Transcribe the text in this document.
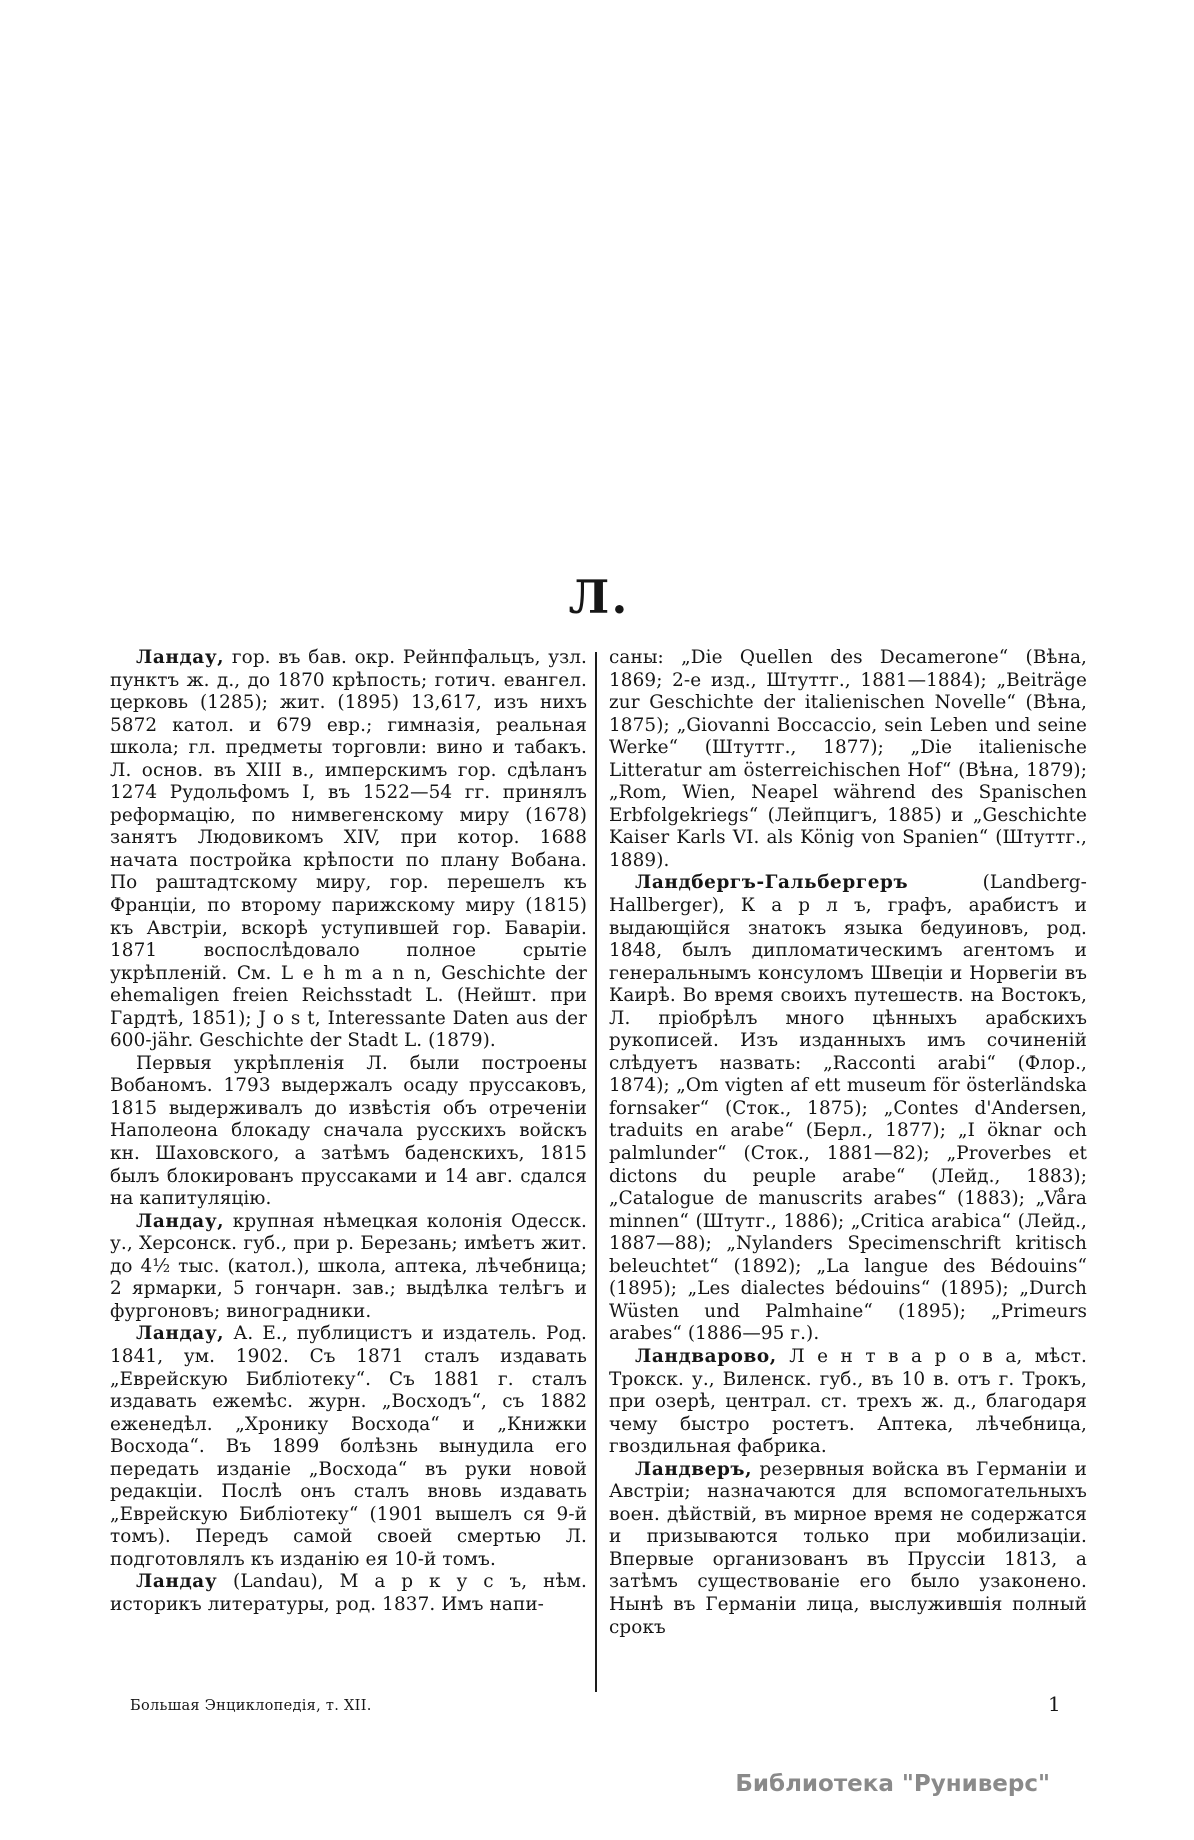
Л.

Ландау, гор. въ бав. окр. Рейнпфальцъ, узл. пунктъ ж. д., до 1870 крѣпость; готич. евангел. церковь (1285); жит. (1895) 13,617, изъ нихъ 5872 катол. и 679 евр.; гимназія, реальная школа; гл. предметы торговли: вино и табакъ. Л. основ. въ XIII в., имперскимъ гор. сдѣланъ 1274 Рудольфомъ I, въ 1522—54 гг. принялъ реформацію, по нимвегенскому миру (1678) занятъ Людовикомъ XIV, при котор. 1688 начата постройка крѣпости по плану Вобана. По раштадтскому миру, гор. перешелъ къ Франціи, по второму парижскому миру (1815) къ Австріи, вскорѣ уступившей гор. Баваріи. 1871 воспослѣдовало полное срытіе укрѣпленій. См. L e h m a n n, Geschichte der ehemaligen freien Reichsstadt L. (Нейшт. при Гардтѣ, 1851); J o s t, Interessante Daten aus der 600-jähr. Geschichte der Stadt L. (1879).

Первыя укрѣпленія Л. были построены Вобаномъ. 1793 выдержалъ осаду пруссаковъ, 1815 выдерживалъ до извѣстія объ отреченіи Наполеона блокаду сначала русскихъ войскъ кн. Шаховского, а затѣмъ баденскихъ, 1815 былъ блокированъ пруссаками и 14 авг. сдался на капитуляцію.

Ландау, крупная нѣмецкая колонія Одесск. у., Херсонск. губ., при р. Березань; имѣетъ жит. до 4½ тыс. (катол.), школа, аптека, лѣчебница; 2 ярмарки, 5 гончарн. зав.; выдѣлка телѣгъ и фургоновъ; виноградники.

Ландау, А. Е., публицистъ и издатель. Род. 1841, ум. 1902. Съ 1871 сталъ издавать „Еврейскую Библіотеку“. Съ 1881 г. сталъ издавать ежемѣс. журн. „Восходъ“, съ 1882 еженедѣл. „Хронику Восхода“ и „Книжки Восхода“. Въ 1899 болѣзнь вынудила его передать изданіе „Восхода“ въ руки новой редакціи. Послѣ онъ сталъ вновь издавать „Еврейскую Библіотеку“ (1901 вышелъ ся 9-й томъ). Передъ самой своей смертью Л. подготовлялъ къ изданію ея 10-й томъ.

Ландау (Landau), М а р к у с ъ, нѣм. историкъ литературы, род. 1837. Имъ напи-

саны: „Die Quellen des Decamerone“ (Вѣна, 1869; 2-е изд., Штуттг., 1881—1884); „Beiträge zur Geschichte der italienischen Novelle“ (Вѣна, 1875); „Giovanni Boccaccio, sein Leben und seine Werke“ (Штуттг., 1877); „Die italienische Litteratur am österreichischen Hof“ (Вѣна, 1879); „Rom, Wien, Neapel während des Spanischen Erbfolgekriegs“ (Лейпцигъ, 1885) и „Geschichte Kaiser Karls VI. als König von Spanien“ (Штуттг., 1889).

Ландбергъ-Гальбергеръ	(Landberg-Hallberger), К а р л ъ, графъ, арабистъ и выдающійся знатокъ языка бедуиновъ, род. 1848, былъ дипломатическимъ агентомъ и генеральнымъ консуломъ Швеціи и Норвегіи въ Каирѣ. Во время своихъ путешеств. на Востокъ, Л. пріобрѣлъ много цѣнныхъ арабскихъ рукописей. Изъ изданныхъ имъ сочиненій слѣдуетъ назвать: „Racconti arabi“ (Флор., 1874); „Om vigten af ett museum för österländska fornsaker“ (Сток., 1875); „Contes d'Andersen, traduits en arabe“ (Берл., 1877); „I öknar och palmlunder“ (Сток., 1881—82); „Proverbes et dictons du peuple arabe“ (Лейд., 1883); „Catalogue de manuscrits arabes“ (1883); „Våra minnen“ (Штутг., 1886); „Critica arabica“ (Лейд., 1887—88); „Nylanders Specimenschrift kritisch beleuchtet“ (1892); „La langue des Bédouins“ (1895); „Les dialectes bédouins“ (1895); „Durch Wüsten und Palmhaine“ (1895); „Primeurs arabes“ (1886—95 г.).

Ландварово, Л е н т в а р о в а, мѣст. Трокск. у., Виленск. губ., въ 10 в. отъ г. Трокъ, при озерѣ, централ. ст. трехъ ж. д., благодаря чему быстро ростетъ. Аптека, лѣчебница, гвоздильная фабрика.

Ландверъ, резервныя войска въ Германіи и Австріи; назначаются для вспомогательныхъ воен. дѣйствій, въ мирное время не содержатся и призываются только при мобилизаціи. Впервые организованъ въ Пруссіи 1813, а затѣмъ существованіе его было узаконено. Нынѣ въ Германіи лица, выслужившія полный срокъ

Большая Энциклопедія, т. XII.	1
Библиотека "Руниверс"
